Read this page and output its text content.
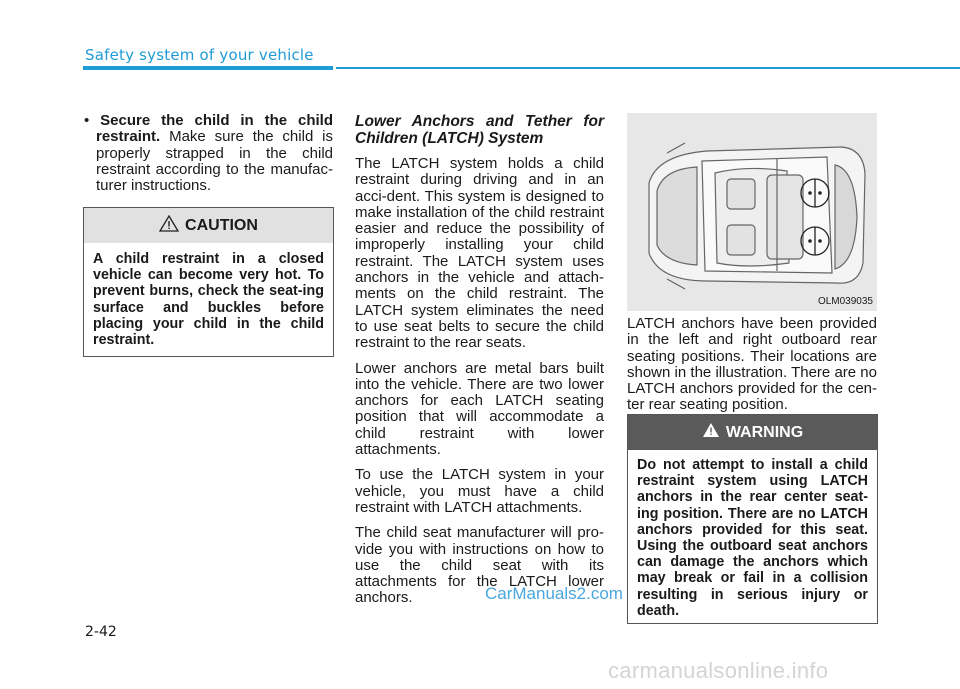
Safety system of your vehicle

• Secure the child in the child restraint. Make sure the child is properly strapped in the child restraint according to the manufac-turer instructions.

CAUTION
A child restraint in a closed vehicle can become very hot. To prevent burns, check the seat-ing surface and buckles before placing your child in the child restraint.
Lower Anchors and Tether for Children (LATCH) System

The LATCH system holds a child restraint during driving and in an acci-dent. This system is designed to make installation of the child restraint easier and reduce the possibility of improperly installing your child restraint. The LATCH system uses anchors in the vehicle and attach-ments on the child restraint. The LATCH system eliminates the need to use seat belts to secure the child restraint to the rear seats.

Lower anchors are metal bars built into the vehicle. There are two lower anchors for each LATCH seating position that will accommodate a child restraint with lower attachments.

To use the LATCH system in your vehicle, you must have a child restraint with LATCH attachments.

The child seat manufacturer will pro-vide you with instructions on how to use the child seat with its attachments for the LATCH lower anchors.

OLM039035

LATCH anchors have been provided in the left and right outboard rear seating positions. Their locations are shown in the illustration. There are no LATCH anchors provided for the cen-ter rear seating position.

WARNING
Do not attempt to install a child restraint system using LATCH anchors in the rear center seat-ing position. There are no LATCH anchors provided for this seat. Using the outboard seat anchors can damage the anchors which may break or fail in a collision resulting in serious injury or death.
2-42
CarManuals2.com
carmanualsonline.info
